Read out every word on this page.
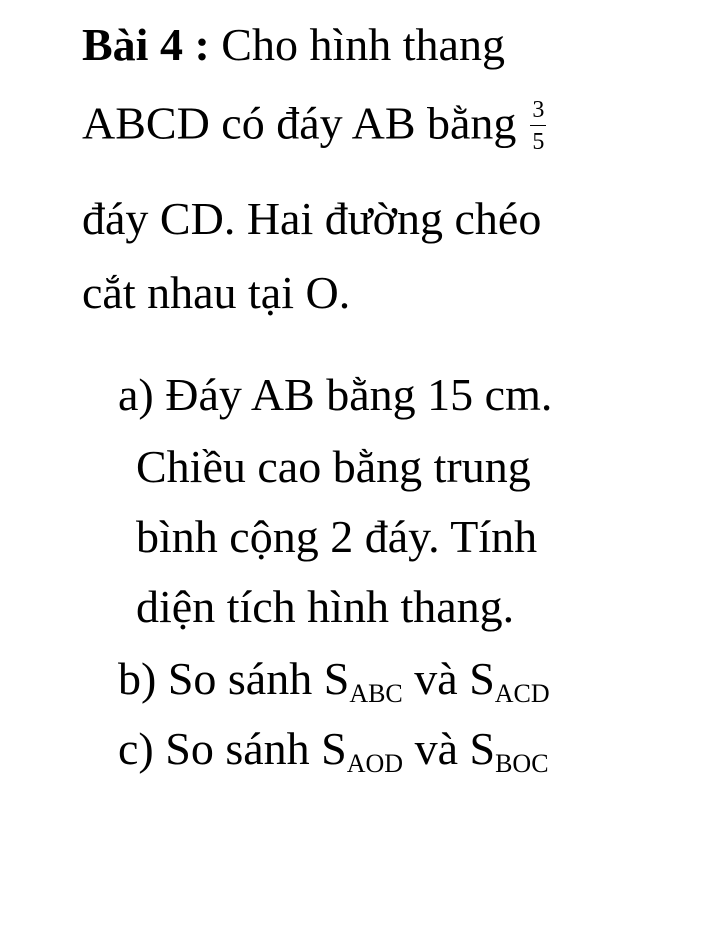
Bài 4 : Cho hình thang
ABCD có đáy AB bằng $\frac{3}{5}$
đáy CD. Hai đường chéo
cắt nhau tại O.
a) Đáy AB bằng 15 cm.
Chiều cao bằng trung
bình cộng 2 đáy. Tính
diện tích hình thang.
b) So sánh SABC và SACD
c) So sánh SAOD và SBOC
